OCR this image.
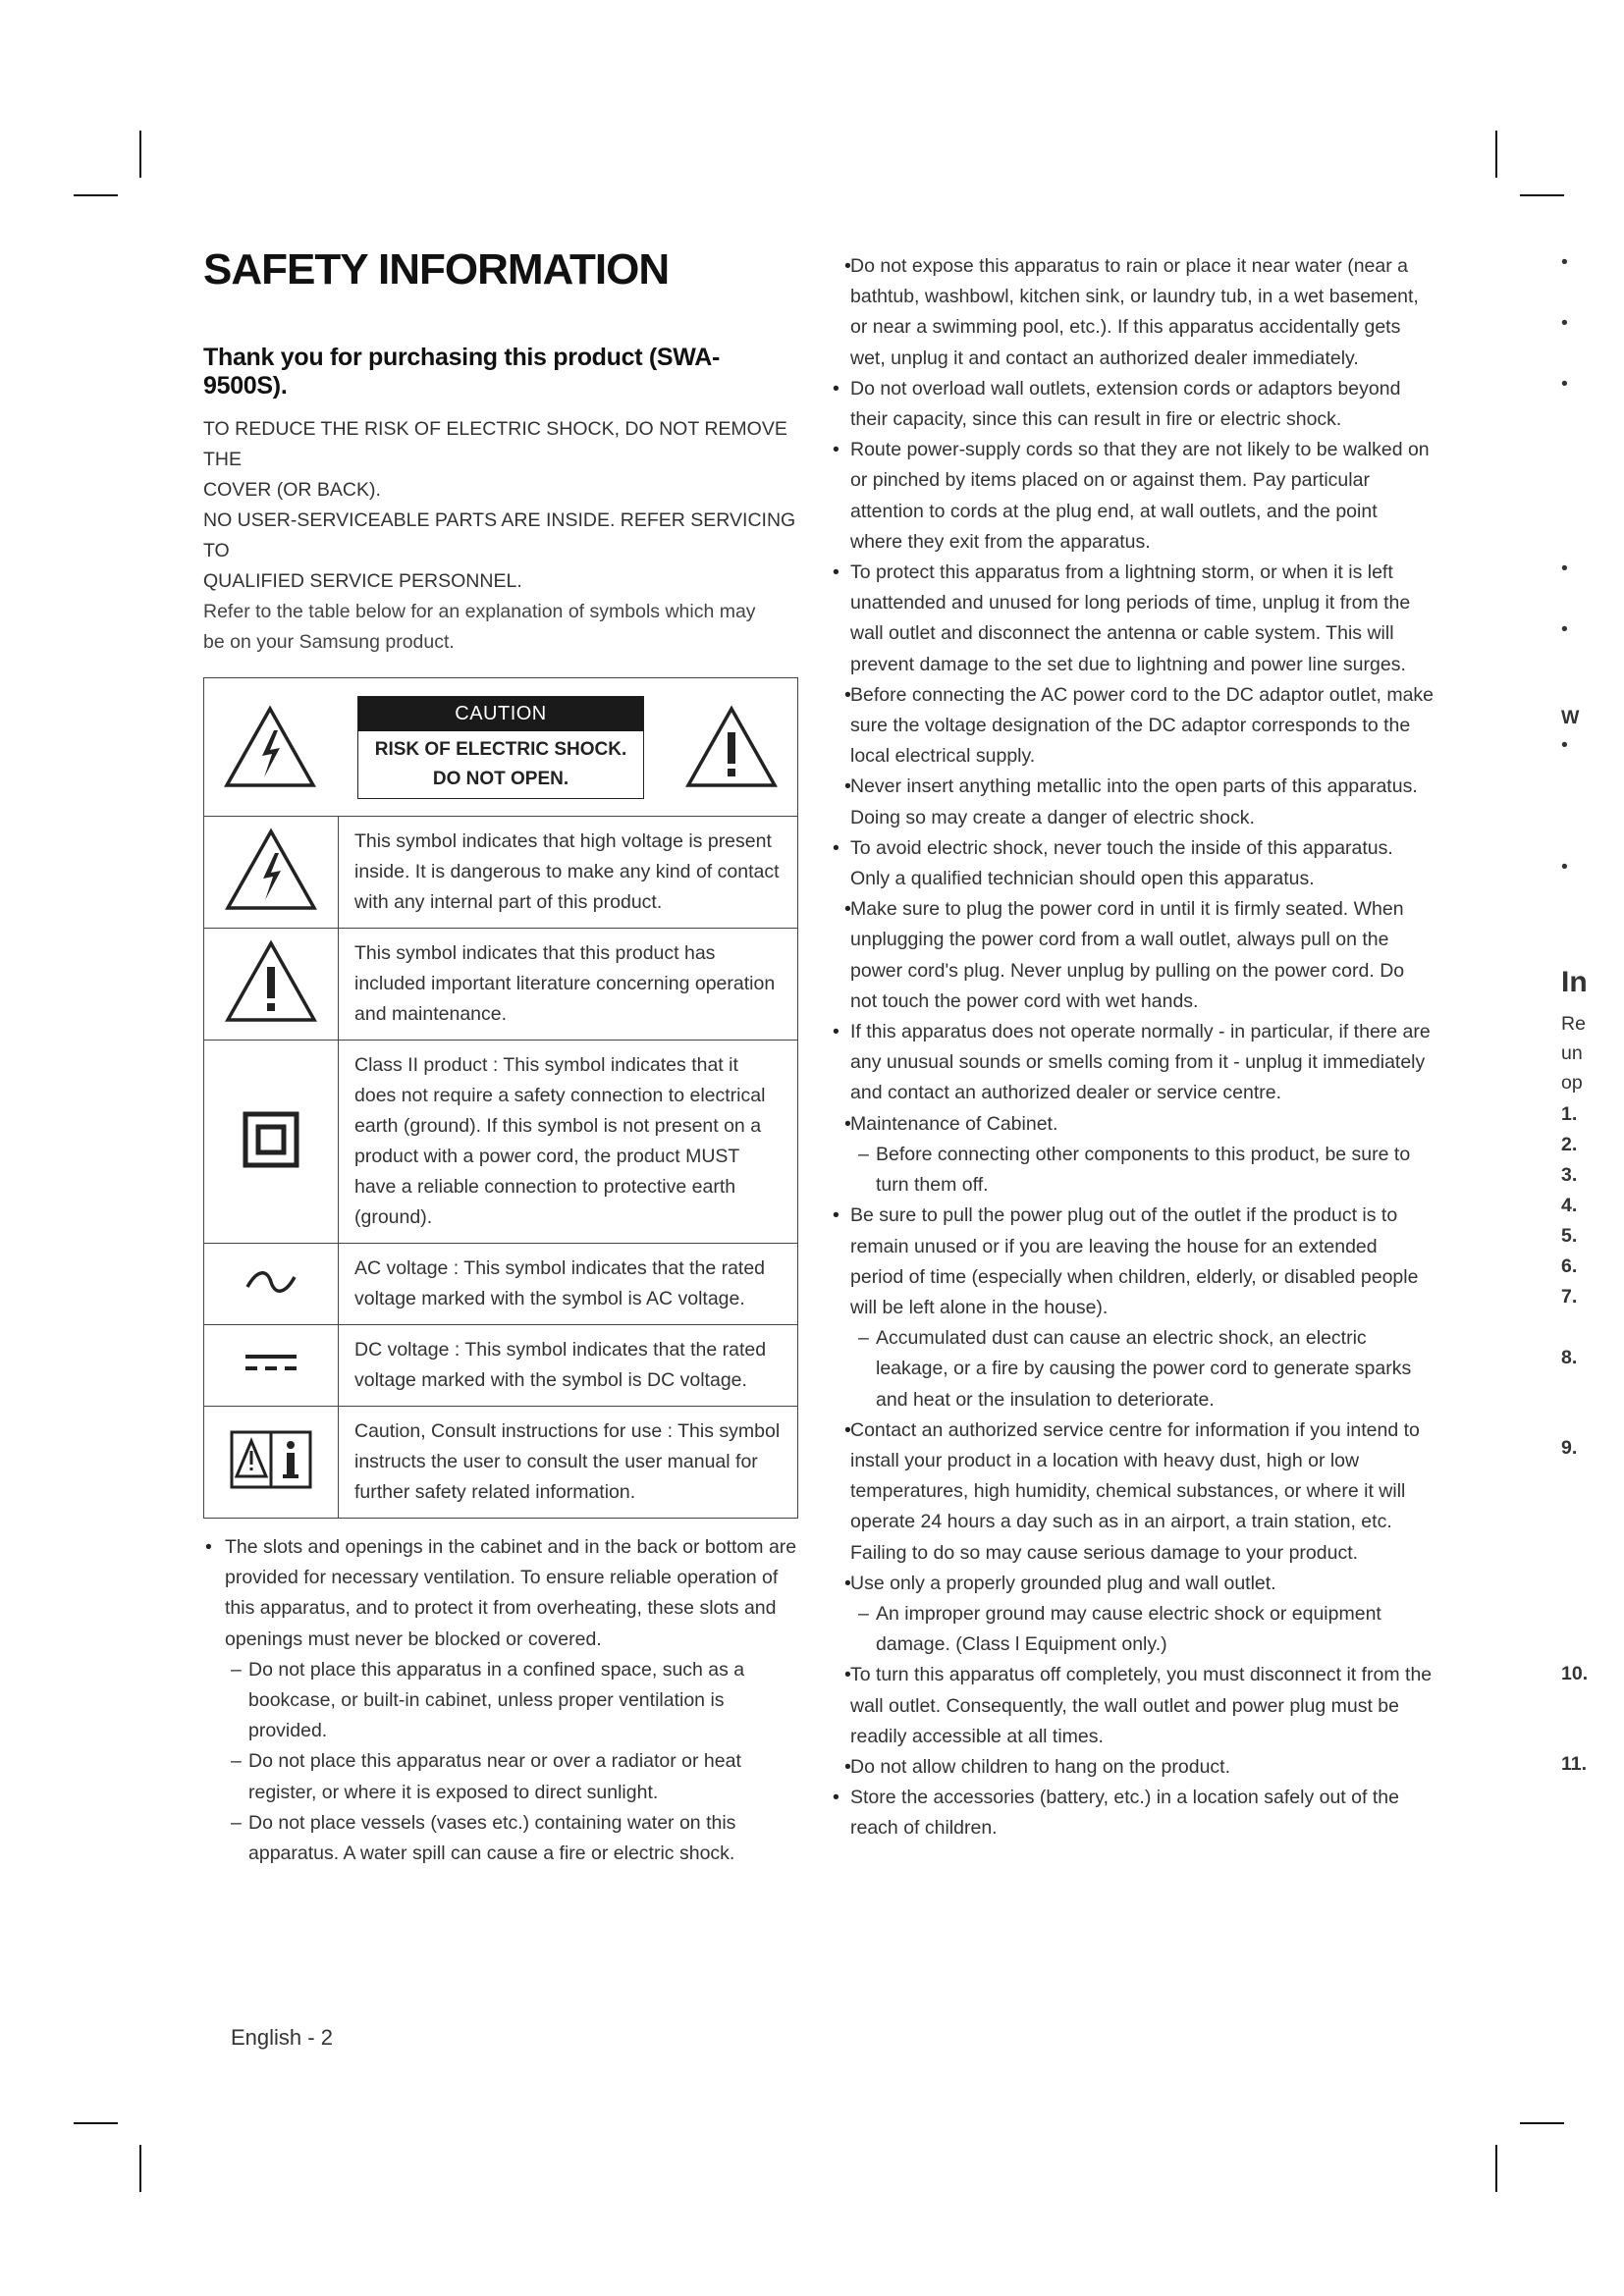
SAFETY INFORMATION
Thank you for purchasing this product (SWA-9500S).

TO REDUCE THE RISK OF ELECTRIC SHOCK, DO NOT REMOVE THE

COVER (OR BACK).

NO USER-SERVICEABLE PARTS ARE INSIDE. REFER SERVICING TO

QUALIFIED SERVICE PERSONNEL.

Refer to the table below for an explanation of symbols which may

be on your Samsung product.

CAUTION
RISK OF ELECTRIC SHOCK.
DO NOT OPEN.	

	This symbol indicates that high voltage is present inside. It is dangerous to make any kind of contact with any internal part of this product.
	This symbol indicates that this product has included important literature concerning operation and maintenance.
	Class II product : This symbol indicates that it does not require a safety connection to electrical earth (ground). If this symbol is not present on a product with a power cord, the product MUST have a reliable connection to protective earth (ground).
	AC voltage : This symbol indicates that the rated voltage marked with the symbol is AC voltage.
	DC voltage : This symbol indicates that the rated voltage marked with the symbol is DC voltage.
	Caution, Consult instructions for use : This symbol instructs the user to consult the user manual for further safety related information.
• The slots and openings in the cabinet and in the back or bottom are provided for necessary ventilation. To ensure reliable operation of this apparatus, and to protect it from overheating, these slots and openings must never be blocked or covered.
– Do not place this apparatus in a confined space, such as a bookcase, or built-in cabinet, unless proper ventilation is provided.
– Do not place this apparatus near or over a radiator or heat register, or where it is exposed to direct sunlight.
– Do not place vessels (vases etc.) containing water on this apparatus. A water spill can cause a fire or electric shock.
• Do not expose this apparatus to rain or place it near water (near a bathtub, washbowl, kitchen sink, or laundry tub, in a wet basement, or near a swimming pool, etc.). If this apparatus accidentally gets wet, unplug it and contact an authorized dealer immediately.
• Do not overload wall outlets, extension cords or adaptors beyond their capacity, since this can result in fire or electric shock.
• Route power-supply cords so that they are not likely to be walked on or pinched by items placed on or against them. Pay particular attention to cords at the plug end, at wall outlets, and the point where they exit from the apparatus.
• To protect this apparatus from a lightning storm, or when it is left unattended and unused for long periods of time, unplug it from the wall outlet and disconnect the antenna or cable system. This will prevent damage to the set due to lightning and power line surges.
• Before connecting the AC power cord to the DC adaptor outlet, make sure the voltage designation of the DC adaptor corresponds to the local electrical supply.
• Never insert anything metallic into the open parts of this apparatus. Doing so may create a danger of electric shock.
• To avoid electric shock, never touch the inside of this apparatus. Only a qualified technician should open this apparatus.
• Make sure to plug the power cord in until it is firmly seated. When unplugging the power cord from a wall outlet, always pull on the power cord's plug. Never unplug by pulling on the power cord. Do not touch the power cord with wet hands.
• If this apparatus does not operate normally - in particular, if there are any unusual sounds or smells coming from it - unplug it immediately and contact an authorized dealer or service centre.
• Maintenance of Cabinet.
– Before connecting other components to this product, be sure to turn them off.
• Be sure to pull the power plug out of the outlet if the product is to remain unused or if you are leaving the house for an extended period of time (especially when children, elderly, or disabled people will be left alone in the house).
– Accumulated dust can cause an electric shock, an electric leakage, or a fire by causing the power cord to generate sparks and heat or the insulation to deteriorate.
• Contact an authorized service centre for information if you intend to install your product in a location with heavy dust, high or low temperatures, high humidity, chemical substances, or where it will operate 24 hours a day such as in an airport, a train station, etc. Failing to do so may cause serious damage to your product.
• Use only a properly grounded plug and wall outlet.
– An improper ground may cause electric shock or equipment damage. (Class l Equipment only.)
• To turn this apparatus off completely, you must disconnect it from the wall outlet. Consequently, the wall outlet and power plug must be readily accessible at all times.
• Do not allow children to hang on the product.
• Store the accessories (battery, etc.) in a location safely out of the reach of children.
•
•
•
•
•
W
•
•
In
Re
un
op
1.
2.
3.
4.
5.
6.
7.
8.
9.
10.
11.
English - 2
